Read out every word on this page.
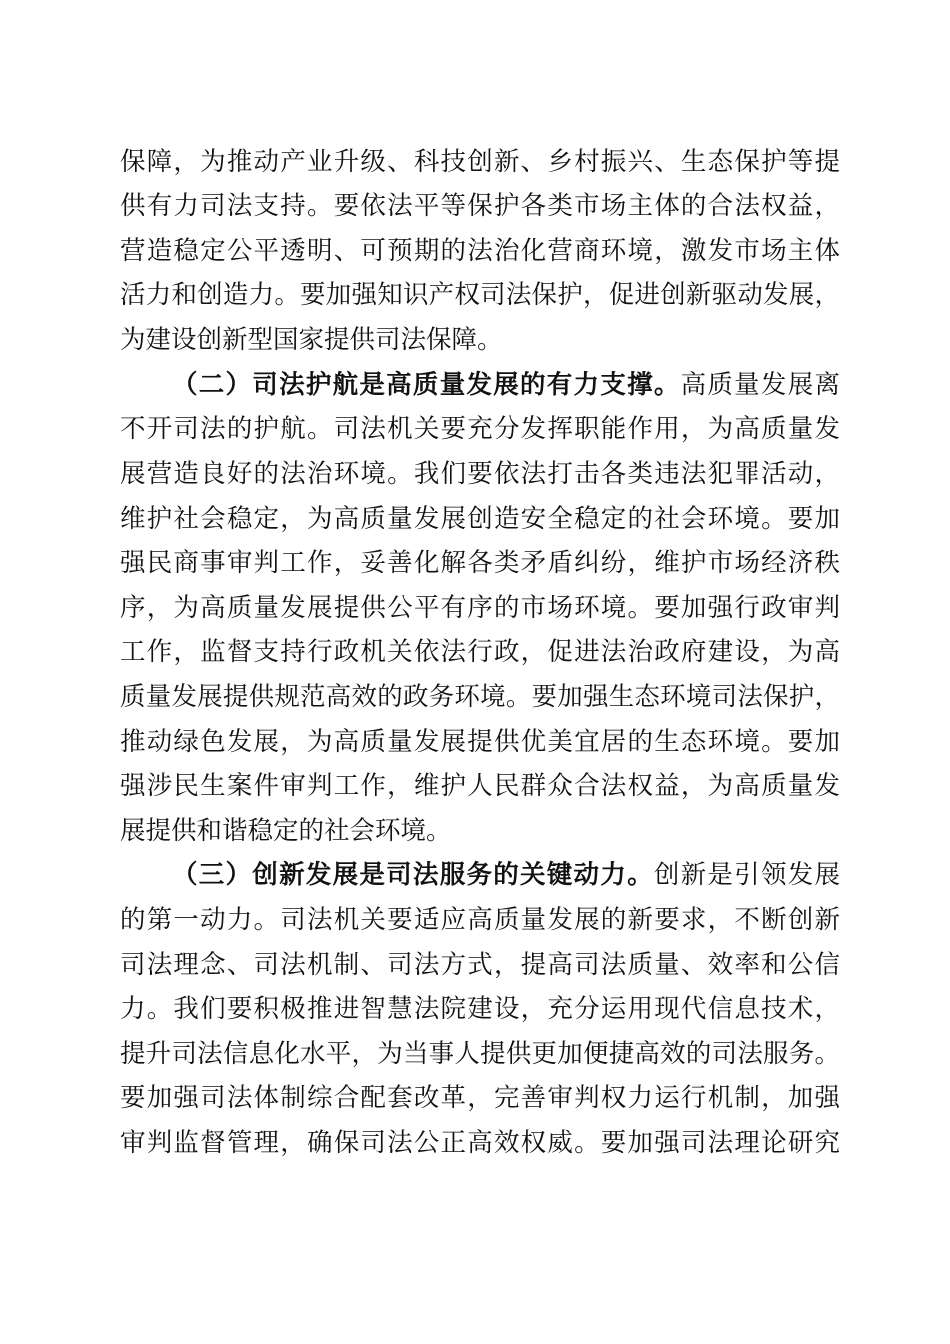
保障，为推动产业升级、科技创新、乡村振兴、生态保护等提
供有力司法支持。要依法平等保护各类市场主体的合法权益，
营造稳定公平透明、可预期的法治化营商环境，激发市场主体
活力和创造力。要加强知识产权司法保护，促进创新驱动发展，
为建设创新型国家提供司法保障。
（二）司法护航是高质量发展的有力支撑。高质量发展离
不开司法的护航。司法机关要充分发挥职能作用，为高质量发
展营造良好的法治环境。我们要依法打击各类违法犯罪活动，
维护社会稳定，为高质量发展创造安全稳定的社会环境。要加
强民商事审判工作，妥善化解各类矛盾纠纷，维护市场经济秩
序，为高质量发展提供公平有序的市场环境。要加强行政审判
工作，监督支持行政机关依法行政，促进法治政府建设，为高
质量发展提供规范高效的政务环境。要加强生态环境司法保护，
推动绿色发展，为高质量发展提供优美宜居的生态环境。要加
强涉民生案件审判工作，维护人民群众合法权益，为高质量发
展提供和谐稳定的社会环境。
（三）创新发展是司法服务的关键动力。创新是引领发展
的第一动力。司法机关要适应高质量发展的新要求，不断创新
司法理念、司法机制、司法方式，提高司法质量、效率和公信
力。我们要积极推进智慧法院建设，充分运用现代信息技术，
提升司法信息化水平，为当事人提供更加便捷高效的司法服务。
要加强司法体制综合配套改革，完善审判权力运行机制，加强
审判监督管理，确保司法公正高效权威。要加强司法理论研究
